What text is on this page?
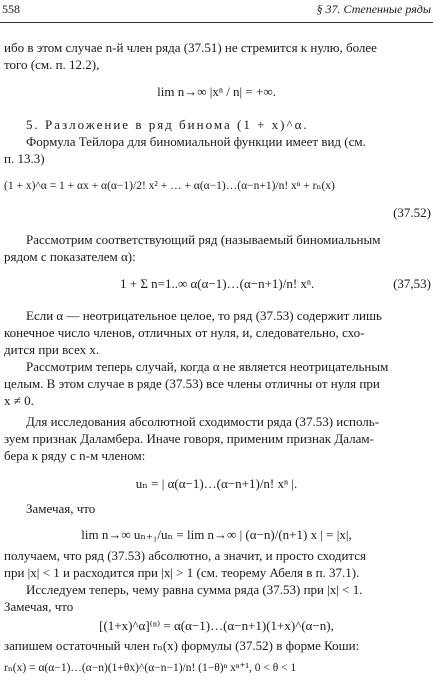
558	§ 37. Степенные ряды
ибо в этом случае n-й член ряда (37.51) не стремится к нулю, более
того (см. п. 12.2),
lim n→∞ |xⁿ / n| = +∞.
5. Разложение в ряд бинома (1 + x)^α.
Формула Тейлора для биномиальной функции имеет вид (см.
п. 13.3)
(1 + x)^α = 1 + αx + α(α−1)/2! x² + … + α(α−1)…(α−n+1)/n! xⁿ + rₙ(x)
(37.52)
Рассмотрим соответствующий ряд (называемый биномиальным
рядом с показателем α):
1 + Σ n=1..∞ α(α−1)…(α−n+1)/n! xⁿ.	(37,53)
Если α — неотрицательное целое, то ряд (37.53) содержит лишь
конечное число членов, отличных от нуля, и, следовательно, схо-
дится при всех x.
Рассмотрим теперь случай, когда α не является неотрицательным
целым. В этом случае в ряде (37.53) все члены отличны от нуля при
x ≠ 0.
Для исследования абсолютной сходимости ряда (37.53) исполь-
зуем признак Даламбера. Иначе говоря, применим признак Далам-
бера к ряду с n-м членом:
uₙ = | α(α−1)…(α−n+1)/n! xⁿ |.
Замечая, что
lim n→∞ uₙ₊₁/uₙ = lim n→∞ | (α−n)/(n+1) x | = |x|,
получаем, что ряд (37.53) абсолютно, а значит, и просто сходится
при |x| < 1 и расходится при |x| > 1 (см. теорему Абеля в п. 37.1).
Исследуем теперь, чему равна сумма ряда (37.53) при |x| < 1.
Замечая, что
[(1+x)^α]⁽ⁿ⁾ = α(α−1)…(α−n+1)(1+x)^(α−n),
запишем остаточный член rₙ(x) формулы (37.52) в форме Коши:
rₙ(x) = α(α−1)…(α−n)(1+θx)^(α−n−1)/n! (1−θ)ⁿ xⁿ⁺¹, 0 < θ < 1
